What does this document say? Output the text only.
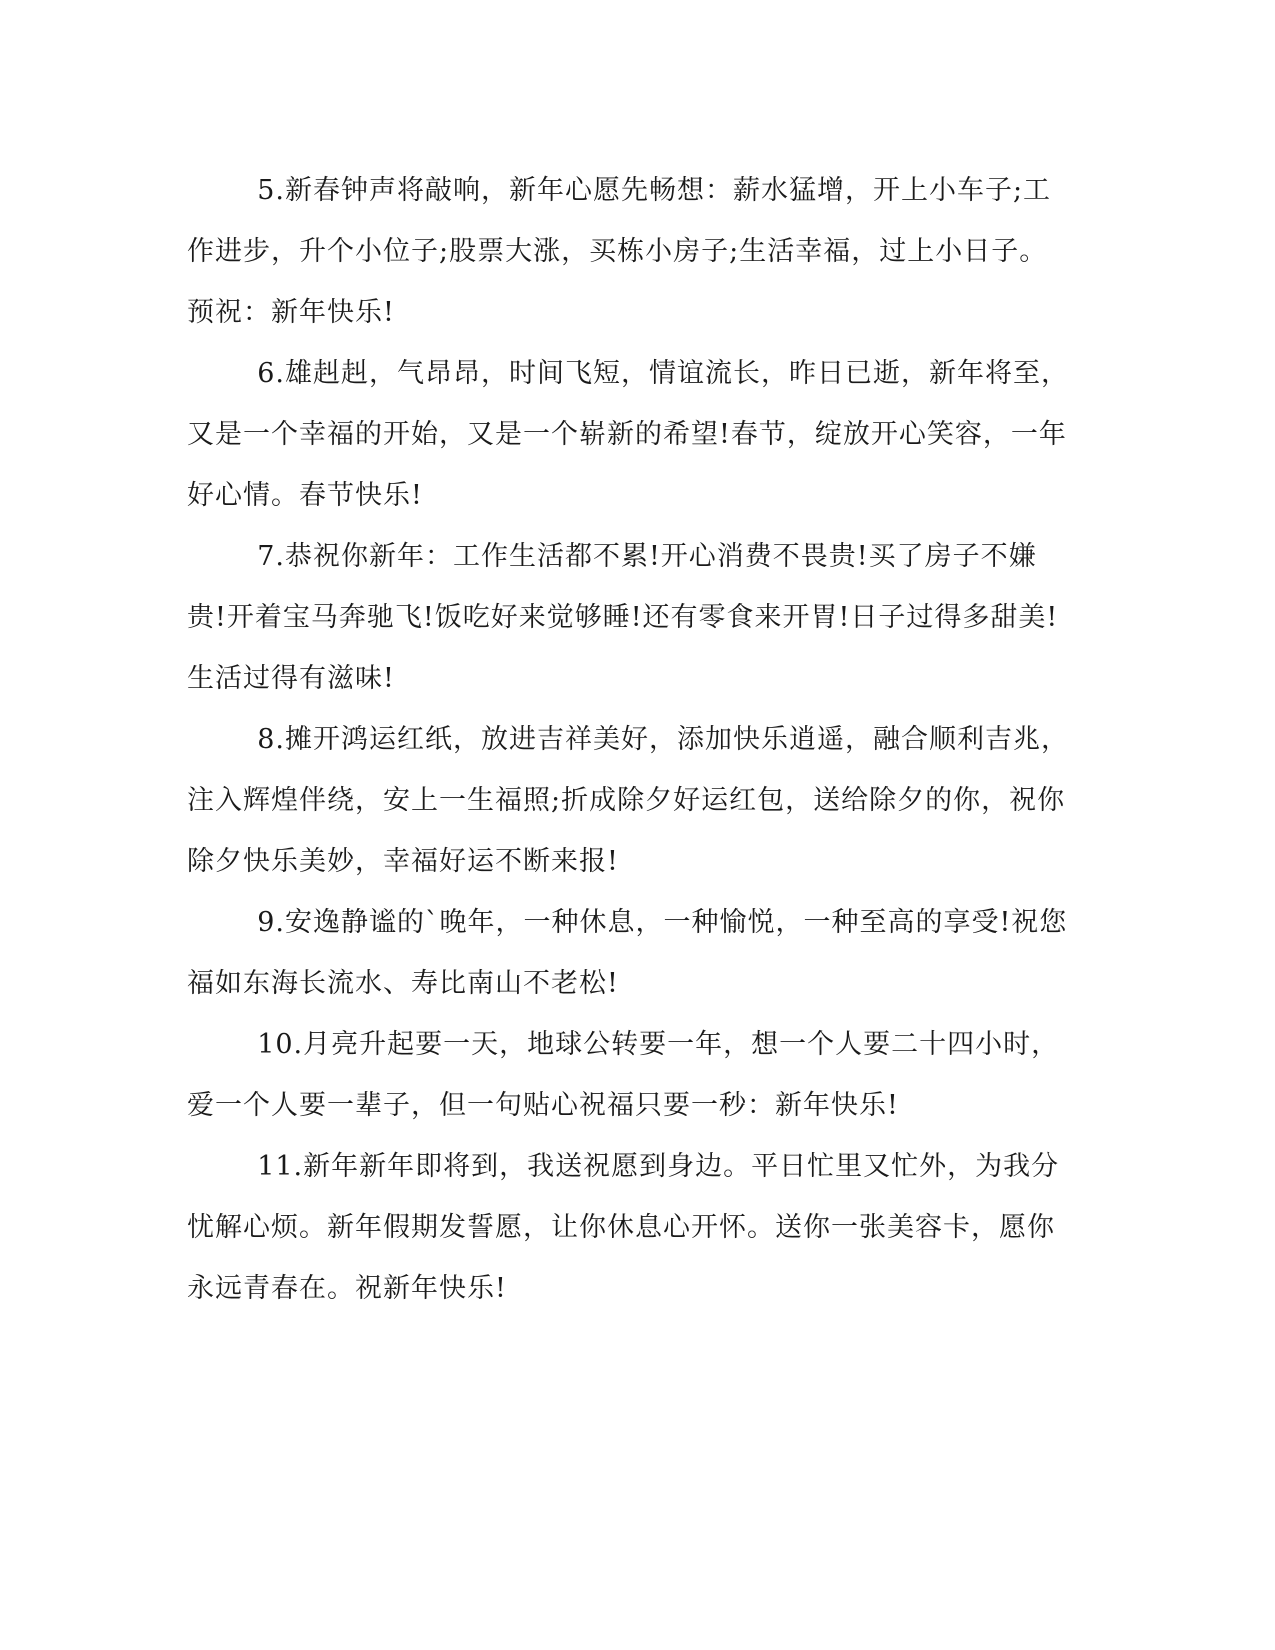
5.新春钟声将敲响，新年心愿先畅想：薪水猛增，开上小车子;工作进步，升个小位子;股票大涨，买栋小房子;生活幸福，过上小日子。预祝：新年快乐!

6.雄赳赳，气昂昂，时间飞短，情谊流长，昨日已逝，新年将至，又是一个幸福的开始，又是一个崭新的希望!春节，绽放开心笑容，一年好心情。春节快乐!

7.恭祝你新年：工作生活都不累!开心消费不畏贵!买了房子不嫌贵!开着宝马奔驰飞!饭吃好来觉够睡!还有零食来开胃!日子过得多甜美!生活过得有滋味!

8.摊开鸿运红纸，放进吉祥美好，添加快乐逍遥，融合顺利吉兆，注入辉煌伴绕，安上一生福照;折成除夕好运红包，送给除夕的你，祝你除夕快乐美妙，幸福好运不断来报!

9.安逸静谧的`晚年，一种休息，一种愉悦，一种至高的享受!祝您福如东海长流水、寿比南山不老松!

10.月亮升起要一天，地球公转要一年，想一个人要二十四小时，爱一个人要一辈子，但一句贴心祝福只要一秒：新年快乐!

11.新年新年即将到，我送祝愿到身边。平日忙里又忙外，为我分忧解心烦。新年假期发誓愿，让你休息心开怀。送你一张美容卡，愿你永远青春在。祝新年快乐!
